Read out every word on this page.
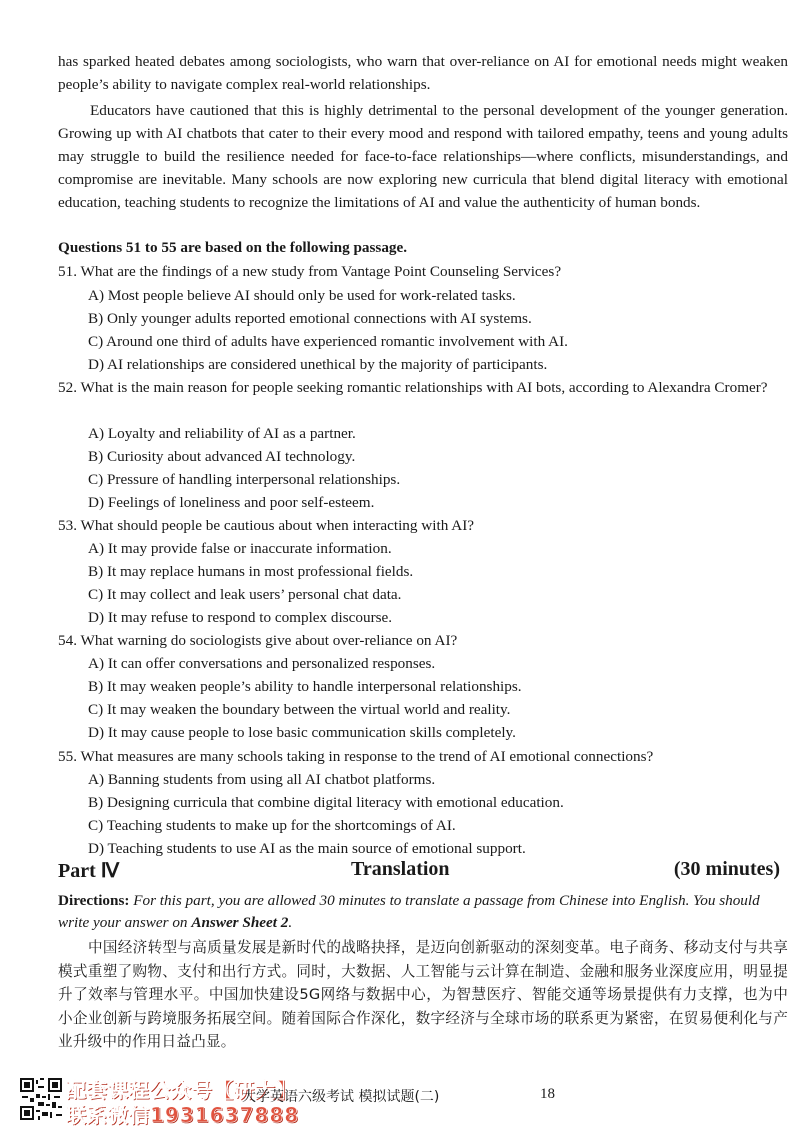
has sparked heated debates among sociologists, who warn that over-reliance on AI for emotional needs might weaken people’s ability to navigate complex real-world relationships.
Educators have cautioned that this is highly detrimental to the personal development of the younger generation. Growing up with AI chatbots that cater to their every mood and respond with tailored empathy, teens and young adults may struggle to build the resilience needed for face-to-face relationships—where conflicts, misunderstandings, and compromise are inevitable. Many schools are now exploring new curricula that blend digital literacy with emotional education, teaching students to recognize the limitations of AI and value the authenticity of human bonds.
Questions 51 to 55 are based on the following passage.
51. What are the findings of a new study from Vantage Point Counseling Services?
A) Most people believe AI should only be used for work-related tasks.
B) Only younger adults reported emotional connections with AI systems.
C) Around one third of adults have experienced romantic involvement with AI.
D) AI relationships are considered unethical by the majority of participants.
52. What is the main reason for people seeking romantic relationships with AI bots, according to Alexandra Cromer?
A) Loyalty and reliability of AI as a partner.
B) Curiosity about advanced AI technology.
C) Pressure of handling interpersonal relationships.
D) Feelings of loneliness and poor self-esteem.
53. What should people be cautious about when interacting with AI?
A) It may provide false or inaccurate information.
B) It may replace humans in most professional fields.
C) It may collect and leak users’ personal chat data.
D) It may refuse to respond to complex discourse.
54. What warning do sociologists give about over-reliance on AI?
A) It can offer conversations and personalized responses.
B) It may weaken people’s ability to handle interpersonal relationships.
C) It may weaken the boundary between the virtual world and reality.
D) It may cause people to lose basic communication skills completely.
55. What measures are many schools taking in response to the trend of AI emotional connections?
A) Banning students from using all AI chatbot platforms.
B) Designing curricula that combine digital literacy with emotional education.
C) Teaching students to make up for the shortcomings of AI.
D) Teaching students to use AI as the main source of emotional support.
Part Ⅳ	Translation	(30 minutes)
Directions: For this part, you are allowed 30 minutes to translate a passage from Chinese into English. You should write your answer on Answer Sheet 2.
中国经济转型与高质量发展是新时代的战略抉择，是迈向创新驱动的深刻变革。电子商务、移动支付与共享模式重塑了购物、支付和出行方式。同时，大数据、人工智能与云计算在制造、金融和服务业深度应用，明显提升了效率与管理水平。中国加快建设5G网络与数据中心，为智慧医疗、智能交通等场景提供有力支撑，也为中小企业创新与跨境服务拓展空间。随着国际合作深化，数字经济与全球市场的联系更为紧密，在贸易便利化与产业升级中的作用日益凸显。
配套课程公众号【研大】
联系微信1931637888
大学英语六级考试 模拟试题(二)	18
